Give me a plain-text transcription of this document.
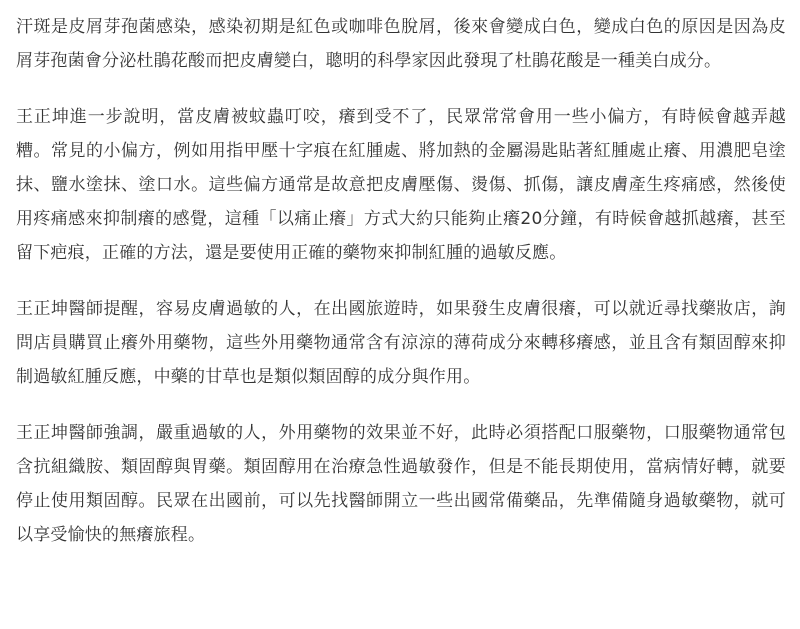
汗斑是皮屑芽孢菌感染，感染初期是紅色或咖啡色脫屑，後來會變成白色，變成白色的原因是因為皮屑芽孢菌會分泌杜鵑花酸而把皮膚變白，聰明的科學家因此發現了杜鵑花酸是一種美白成分。

王正坤進一步說明，當皮膚被蚊蟲叮咬，癢到受不了，民眾常常會用一些小偏方，有時候會越弄越糟。常見的小偏方，例如用指甲壓十字痕在紅腫處、將加熱的金屬湯匙貼著紅腫處止癢、用濃肥皂塗抹、鹽水塗抹、塗口水。這些偏方通常是故意把皮膚壓傷、燙傷、抓傷，讓皮膚產生疼痛感，然後使用疼痛感來抑制癢的感覺，這種「以痛止癢」方式大約只能夠止癢20分鐘，有時候會越抓越癢，甚至留下疤痕，正確的方法，還是要使用正確的藥物來抑制紅腫的過敏反應。

王正坤醫師提醒，容易皮膚過敏的人，在出國旅遊時，如果發生皮膚很癢，可以就近尋找藥妝店，詢問店員購買止癢外用藥物，這些外用藥物通常含有涼涼的薄荷成分來轉移癢感，並且含有類固醇來抑制過敏紅腫反應，中藥的甘草也是類似類固醇的成分與作用。

王正坤醫師強調，嚴重過敏的人，外用藥物的效果並不好，此時必須搭配口服藥物，口服藥物通常包含抗組織胺、類固醇與胃藥。類固醇用在治療急性過敏發作，但是不能長期使用，當病情好轉，就要停止使用類固醇。民眾在出國前，可以先找醫師開立一些出國常備藥品，先準備隨身過敏藥物，就可以享受愉快的無癢旅程。
